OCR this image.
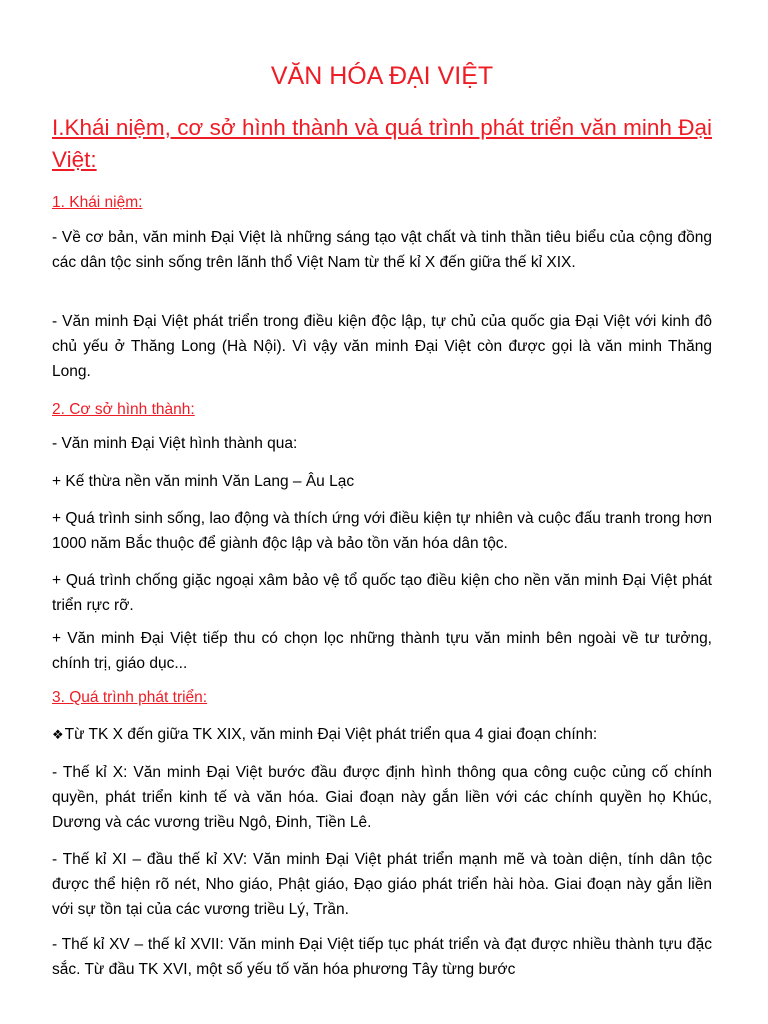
VĂN HÓA ĐẠI VIỆT
I.Khái niệm, cơ sở hình thành và quá trình phát triển văn minh Đại Việt:
1. Khái niệm:
- Về cơ bản, văn minh Đại Việt là những sáng tạo vật chất và tinh thần tiêu biểu của cộng đồng các dân tộc sinh sống trên lãnh thổ Việt Nam từ thế kỉ X đến giữa thế kỉ XIX.
- Văn minh Đại Việt phát triển trong điều kiện độc lập, tự chủ của quốc gia Đại Việt với kinh đô chủ yếu ở Thăng Long (Hà Nội). Vì vậy văn minh Đại Việt còn được gọi là văn minh Thăng Long.
2. Cơ sở hình thành:
- Văn minh Đại Việt hình thành qua:
+ Kế thừa nền văn minh Văn Lang – Âu Lạc
+ Quá trình sinh sống, lao động và thích ứng với điều kiện tự nhiên và cuộc đấu tranh trong hơn 1000 năm Bắc thuộc để giành độc lập và bảo tồn văn hóa dân tộc.
+ Quá trình chống giặc ngoại xâm bảo vệ tổ quốc tạo điều kiện cho nền văn minh Đại Việt phát triển rực rỡ.
+ Văn minh Đại Việt tiếp thu có chọn lọc những thành tựu văn minh bên ngoài về tư tưởng, chính trị, giáo dục...
3. Quá trình phát triển:
❖Từ TK X đến giữa TK XIX, văn minh Đại Việt phát triển qua 4 giai đoạn chính:
- Thế kỉ X: Văn minh Đại Việt bước đầu được định hình thông qua công cuộc củng cố chính quyền, phát triển kinh tế và văn hóa. Giai đoạn này gắn liền với các chính quyền họ Khúc, Dương và các vương triều Ngô, Đinh, Tiền Lê.
- Thế kỉ XI – đầu thế kỉ XV: Văn minh Đại Việt phát triển mạnh mẽ và toàn diện, tính dân tộc được thể hiện rõ nét, Nho giáo, Phật giáo, Đạo giáo phát triển hài hòa. Giai đoạn này gắn liền với sự tồn tại của các vương triều Lý, Trần.
- Thế kỉ XV – thế kỉ XVII: Văn minh Đại Việt tiếp tục phát triển và đạt được nhiều thành tựu đặc sắc. Từ đầu TK XVI, một số yếu tố văn hóa phương Tây từng bước
